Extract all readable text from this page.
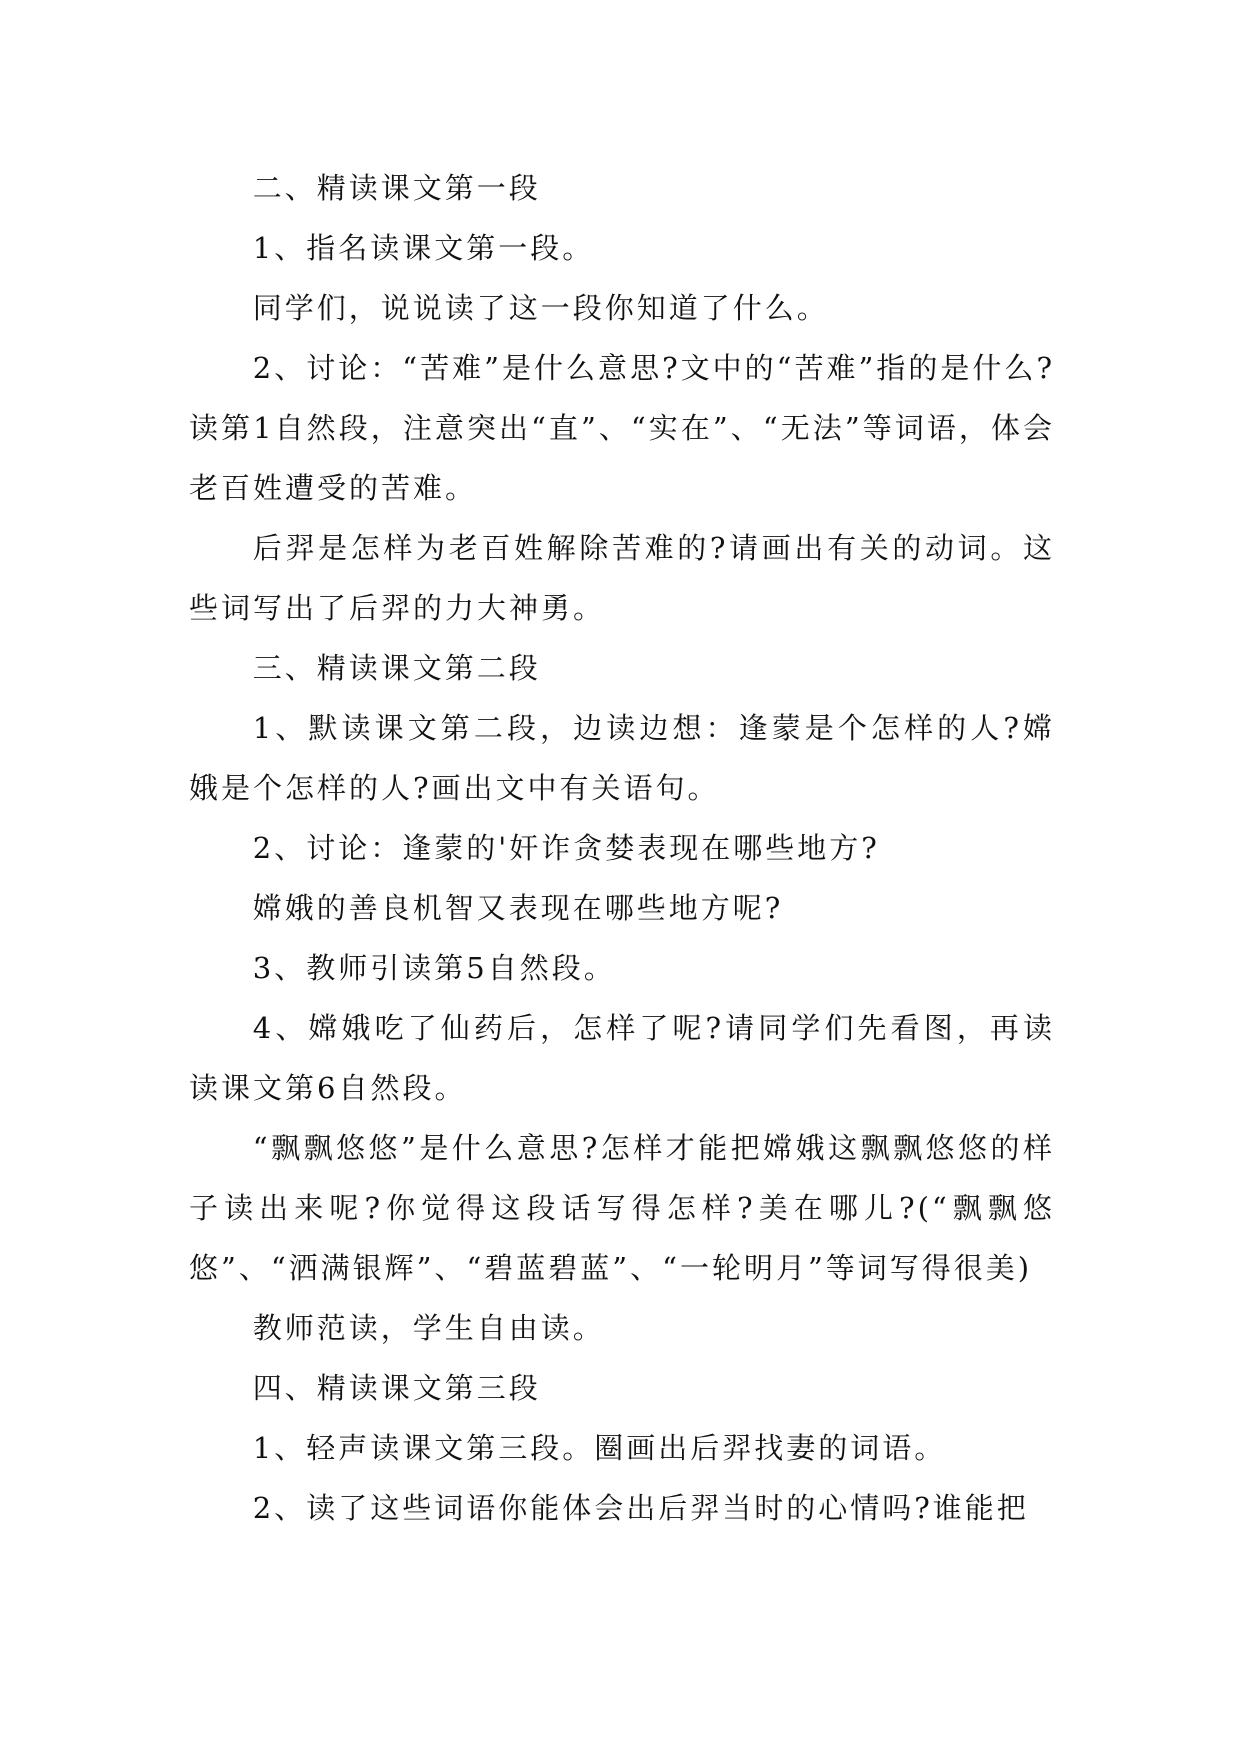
二、精读课文第一段

1、指名读课文第一段。

同学们，说说读了这一段你知道了什么。

2、讨论：“苦难”是什么意思?文中的“苦难”指的是什么?读第1自然段，注意突出“直”、“实在”、“无法”等词语，体会老百姓遭受的苦难。

后羿是怎样为老百姓解除苦难的?请画出有关的动词。这些词写出了后羿的力大神勇。

三、精读课文第二段

1、默读课文第二段，边读边想：逢蒙是个怎样的人?嫦娥是个怎样的人?画出文中有关语句。

2、讨论：逢蒙的'奸诈贪婪表现在哪些地方?

嫦娥的善良机智又表现在哪些地方呢?

3、教师引读第5自然段。

4、嫦娥吃了仙药后，怎样了呢?请同学们先看图，再读读课文第6自然段。

“飘飘悠悠”是什么意思?怎样才能把嫦娥这飘飘悠悠的样子读出来呢?你觉得这段话写得怎样?美在哪儿?(“飘飘悠悠”、“洒满银辉”、“碧蓝碧蓝”、“一轮明月”等词写得很美)

教师范读，学生自由读。

四、精读课文第三段

1、轻声读课文第三段。圈画出后羿找妻的词语。

2、读了这些词语你能体会出后羿当时的心情吗?谁能把
